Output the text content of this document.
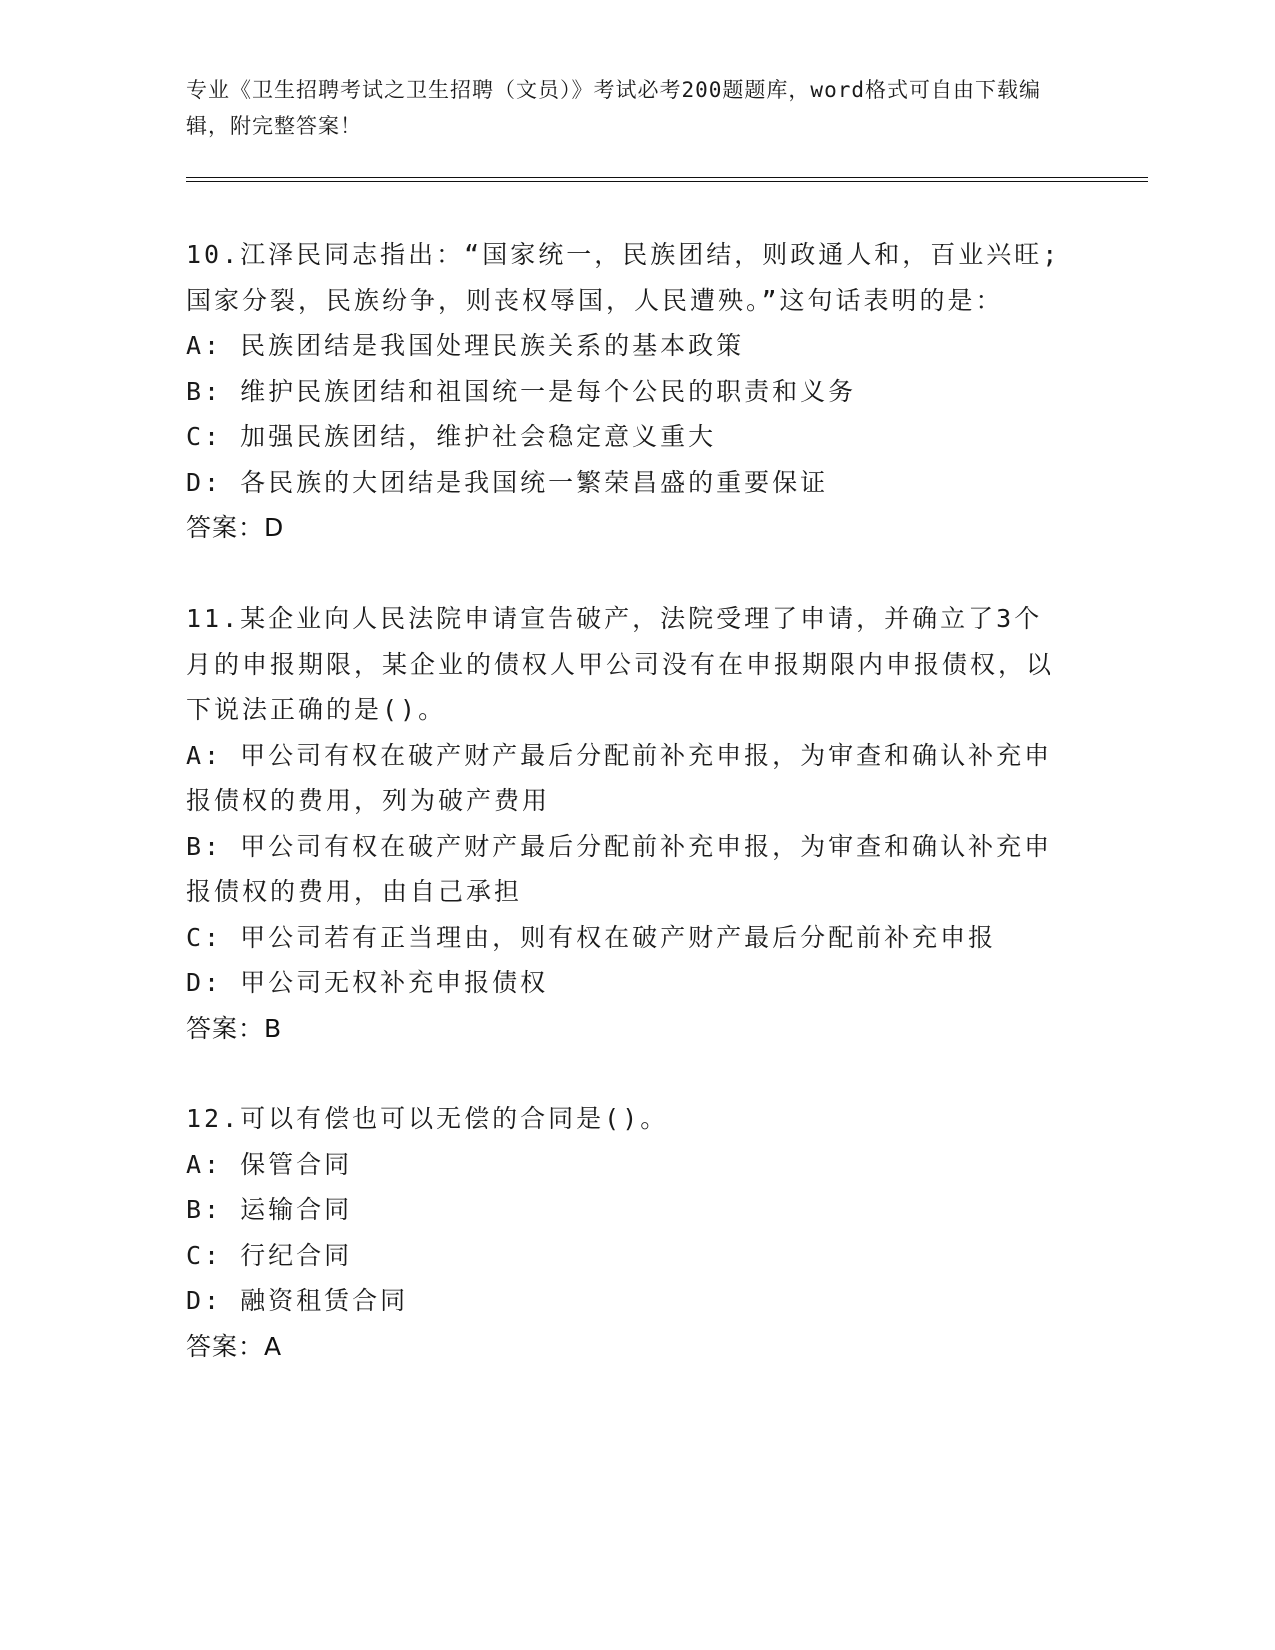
专业《卫生招聘考试之卫生招聘（文员）》考试必考200题题库，word格式可自由下载编辑，附完整答案！
10.江泽民同志指出：“国家统一，民族团结，则政通人和，百业兴旺;国家分裂，民族纷争，则丧权辱国，人民遭殃。”这句话表明的是：
A: 民族团结是我国处理民族关系的基本政策
B: 维护民族团结和祖国统一是每个公民的职责和义务
C: 加强民族团结，维护社会稳定意义重大
D: 各民族的大团结是我国统一繁荣昌盛的重要保证
答案：D
11.某企业向人民法院申请宣告破产，法院受理了申请，并确立了3个月的申报期限，某企业的债权人甲公司没有在申报期限内申报债权，以下说法正确的是()。
A: 甲公司有权在破产财产最后分配前补充申报，为审查和确认补充申报债权的费用，列为破产费用
B: 甲公司有权在破产财产最后分配前补充申报，为审查和确认补充申报债权的费用，由自己承担
C: 甲公司若有正当理由，则有权在破产财产最后分配前补充申报
D: 甲公司无权补充申报债权
答案：B
12.可以有偿也可以无偿的合同是()。
A: 保管合同
B: 运输合同
C: 行纪合同
D: 融资租赁合同
答案：A
